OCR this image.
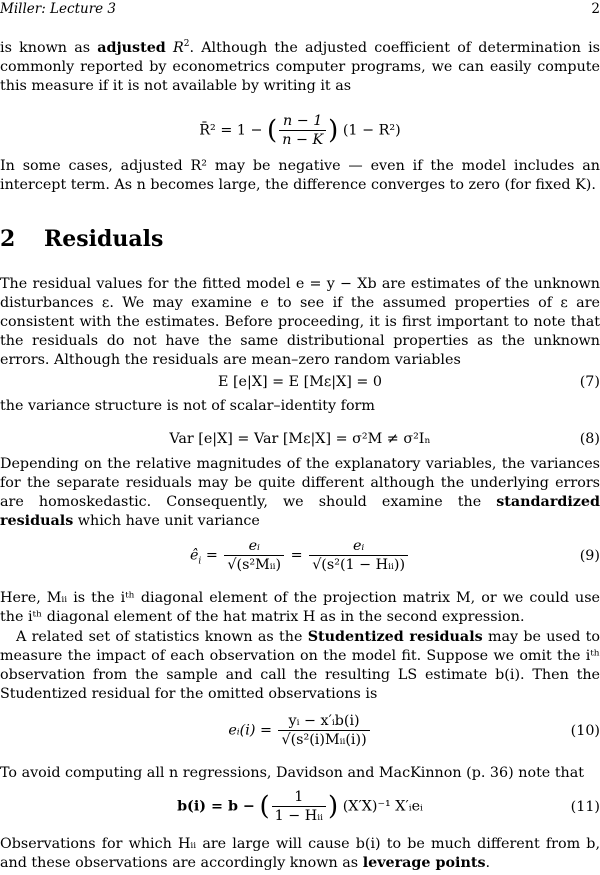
Miller: Lecture 3	2
is known as adjusted $R^2$. Although the adjusted coefficient of determination is commonly reported by econometrics computer programs, we can easily compute this measure if it is not available by writing it as
R̄² = 1 − ( $\frac{n - 1}{n - K}$ ) (1 − R²)
In some cases, adjusted R² may be negative — even if the model includes an intercept term. As n becomes large, the difference converges to zero (for fixed K).
2 Residuals
The residual values for the fitted model e = y − Xb are estimates of the unknown disturbances ε. We may examine e to see if the assumed properties of ε are consistent with the estimates. Before proceeding, it is first important to note that the residuals do not have the same distributional properties as the unknown errors. Although the residuals are mean–zero random variables
E [e|X] = E [Mε|X] = 0	(7)
the variance structure is not of scalar–identity form
Var [e|X] = Var [Mε|X] = σ²M ≠ σ²Iₙ	(8)
Depending on the relative magnitudes of the explanatory variables, the variances for the separate residuals may be quite different although the underlying errors are homoskedastic. Consequently, we should examine the standardized residuals which have unit variance
$ê_i = \frac{\text{eᵢ}}{\text{√(s²Mᵢᵢ)}} = \frac{\text{eᵢ}}{\text{√(s²(1 − Hᵢᵢ))}}$	(9)
Here, Mᵢᵢ is the iᵗʰ diagonal element of the projection matrix M, or we could use the iᵗʰ diagonal element of the hat matrix H as in the second expression.
A related set of statistics known as the Studentized residuals may be used to measure the impact of each observation on the model fit. Suppose we omit the iᵗʰ observation from the sample and call the resulting LS estimate b(i). Then the Studentized residual for the omitted observations is
eᵢ(i) = $\frac{\text{yᵢ − x′ᵢb(i)}}{\text{√(s²(i)Mᵢᵢ(i))}}$	(10)
To avoid computing all n regressions, Davidson and MacKinnon (p. 36) note that
b(i) = b − ( $\frac{1}{\text{1 − Hᵢᵢ}}$ ) (X′X)⁻¹ X′ᵢeᵢ	(11)
Observations for which Hᵢᵢ are large will cause b(i) to be much different from b, and these observations are accordingly known as leverage points.
